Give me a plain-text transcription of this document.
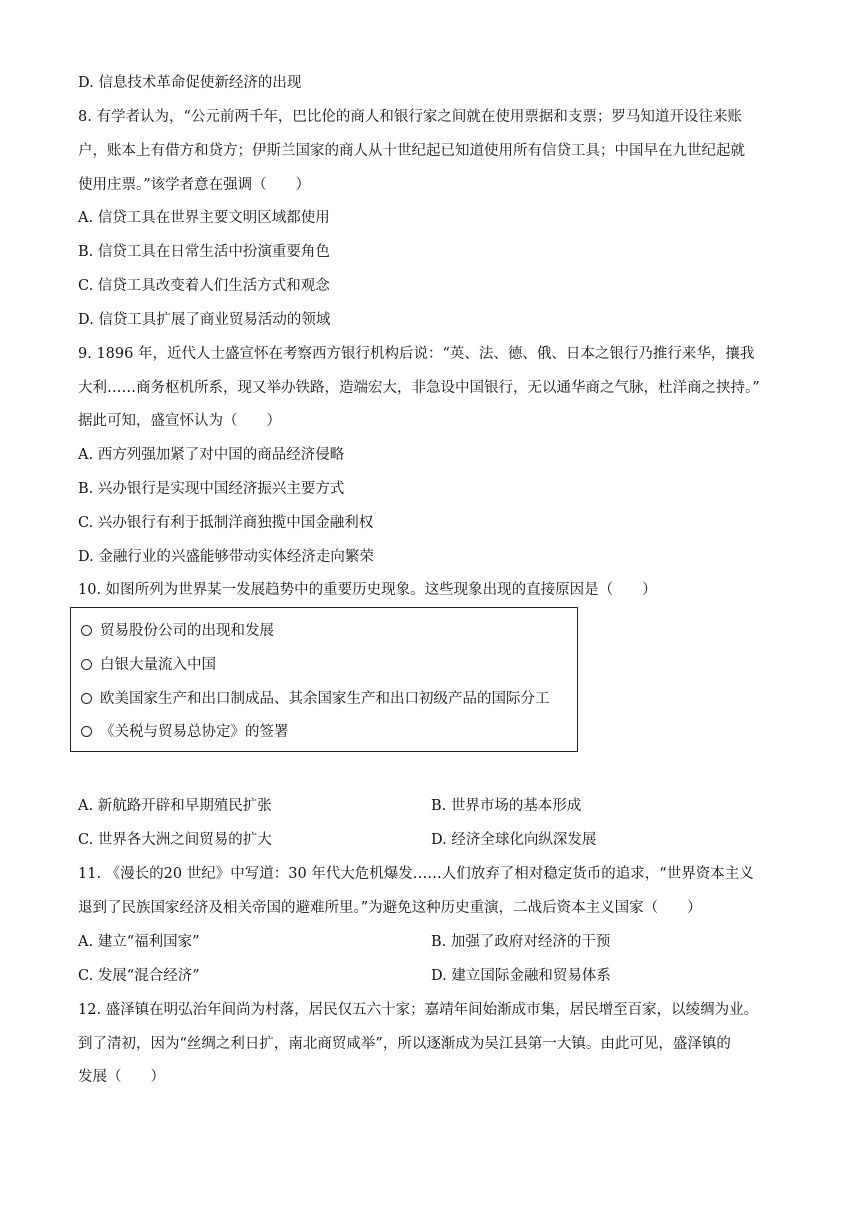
D. 信息技术革命促使新经济的出现
8. 有学者认为，“公元前两千年，巴比伦的商人和银行家之间就在使用票据和支票；罗马知道开设往来账
户，账本上有借方和贷方；伊斯兰国家的商人从十世纪起已知道使用所有信贷工具；中国早在九世纪起就
使用庄票。”该学者意在强调（　　）
A. 信贷工具在世界主要文明区域都使用
B. 信贷工具在日常生活中扮演重要角色
C. 信贷工具改变着人们生活方式和观念
D. 信贷工具扩展了商业贸易活动的领域
9. 1896 年，近代人士盛宣怀在考察西方银行机构后说：“英、法、德、俄、日本之银行乃推行来华，攘我
大利……商务枢机所系，现又举办铁路，造端宏大，非急设中国银行，无以通华商之气脉，杜洋商之挟持。”
据此可知，盛宣怀认为（　　）
A. 西方列强加紧了对中国的商品经济侵略
B. 兴办银行是实现中国经济振兴主要方式
C. 兴办银行有利于抵制洋商独揽中国金融利权
D. 金融行业的兴盛能够带动实体经济走向繁荣
10. 如图所列为世界某一发展趋势中的重要历史现象。这些现象出现的直接原因是（　　）
贸易股份公司的出现和发展
白银大量流入中国
欧美国家生产和出口制成品、其余国家生产和出口初级产品的国际分工
《关税与贸易总协定》的签署
A. 新航路开辟和早期殖民扩张	B. 世界市场的基本形成
C. 世界各大洲之间贸易的扩大	D. 经济全球化向纵深发展
11. 《漫长的20 世纪》中写道：30 年代大危机爆发……人们放弃了相对稳定货币的追求，“世界资本主义
退到了民族国家经济及相关帝国的避难所里。”为避免这种历史重演，二战后资本主义国家（　　）
A. 建立“福利国家”	B. 加强了政府对经济的干预
C. 发展“混合经济”	D. 建立国际金融和贸易体系
12. 盛泽镇在明弘治年间尚为村落，居民仅五六十家；嘉靖年间始渐成市集，居民增至百家，以绫绸为业。
到了清初，因为“丝绸之利日扩，南北商贸咸举”，所以逐渐成为吴江县第一大镇。由此可见，盛泽镇的
发展（　　）
